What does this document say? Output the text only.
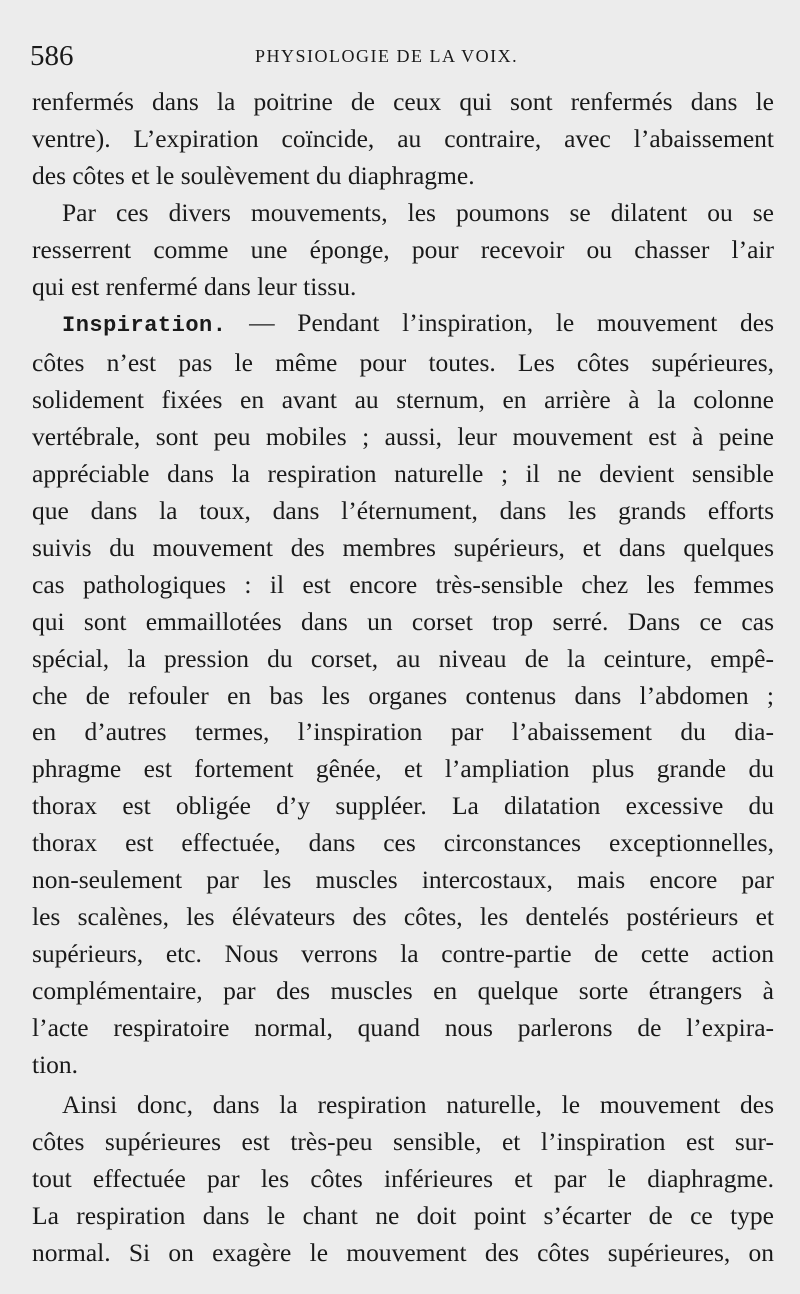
586	PHYSIOLOGIE DE LA VOIX.

renfermés dans la poitrine de ceux qui sont renfermés dans le
ventre). L’expiration coïncide, au contraire, avec l’abaissement
des côtes et le soulèvement du diaphragme.

Par ces divers mouvements, les poumons se dilatent ou se
resserrent comme une éponge, pour recevoir ou chasser l’air
qui est renfermé dans leur tissu.

Inspiration. — Pendant l’inspiration, le mouvement des
côtes n’est pas le même pour toutes. Les côtes supérieures,
solidement fixées en avant au sternum, en arrière à la colonne
vertébrale, sont peu mobiles ; aussi, leur mouvement est à peine
appréciable dans la respiration naturelle ; il ne devient sensible
que dans la toux, dans l’éternument, dans les grands efforts
suivis du mouvement des membres supérieurs, et dans quelques
cas pathologiques : il est encore très-sensible chez les femmes
qui sont emmaillotées dans un corset trop serré. Dans ce cas
spécial, la pression du corset, au niveau de la ceinture, empê-
che de refouler en bas les organes contenus dans l’abdomen ;
en d’autres termes, l’inspiration par l’abaissement du dia-
phragme est fortement gênée, et l’ampliation plus grande du
thorax est obligée d’y suppléer. La dilatation excessive du
thorax est effectuée, dans ces circonstances exceptionnelles,
non-seulement par les muscles intercostaux, mais encore par
les scalènes, les élévateurs des côtes, les dentelés postérieurs et
supérieurs, etc. Nous verrons la contre-partie de cette action
complémentaire, par des muscles en quelque sorte étrangers à
l’acte respiratoire normal, quand nous parlerons de l’expira-
tion.

Ainsi donc, dans la respiration naturelle, le mouvement des
côtes supérieures est très-peu sensible, et l’inspiration est sur-
tout effectuée par les côtes inférieures et par le diaphragme.
La respiration dans le chant ne doit point s’écarter de ce type
normal. Si on exagère le mouvement des côtes supérieures, on
